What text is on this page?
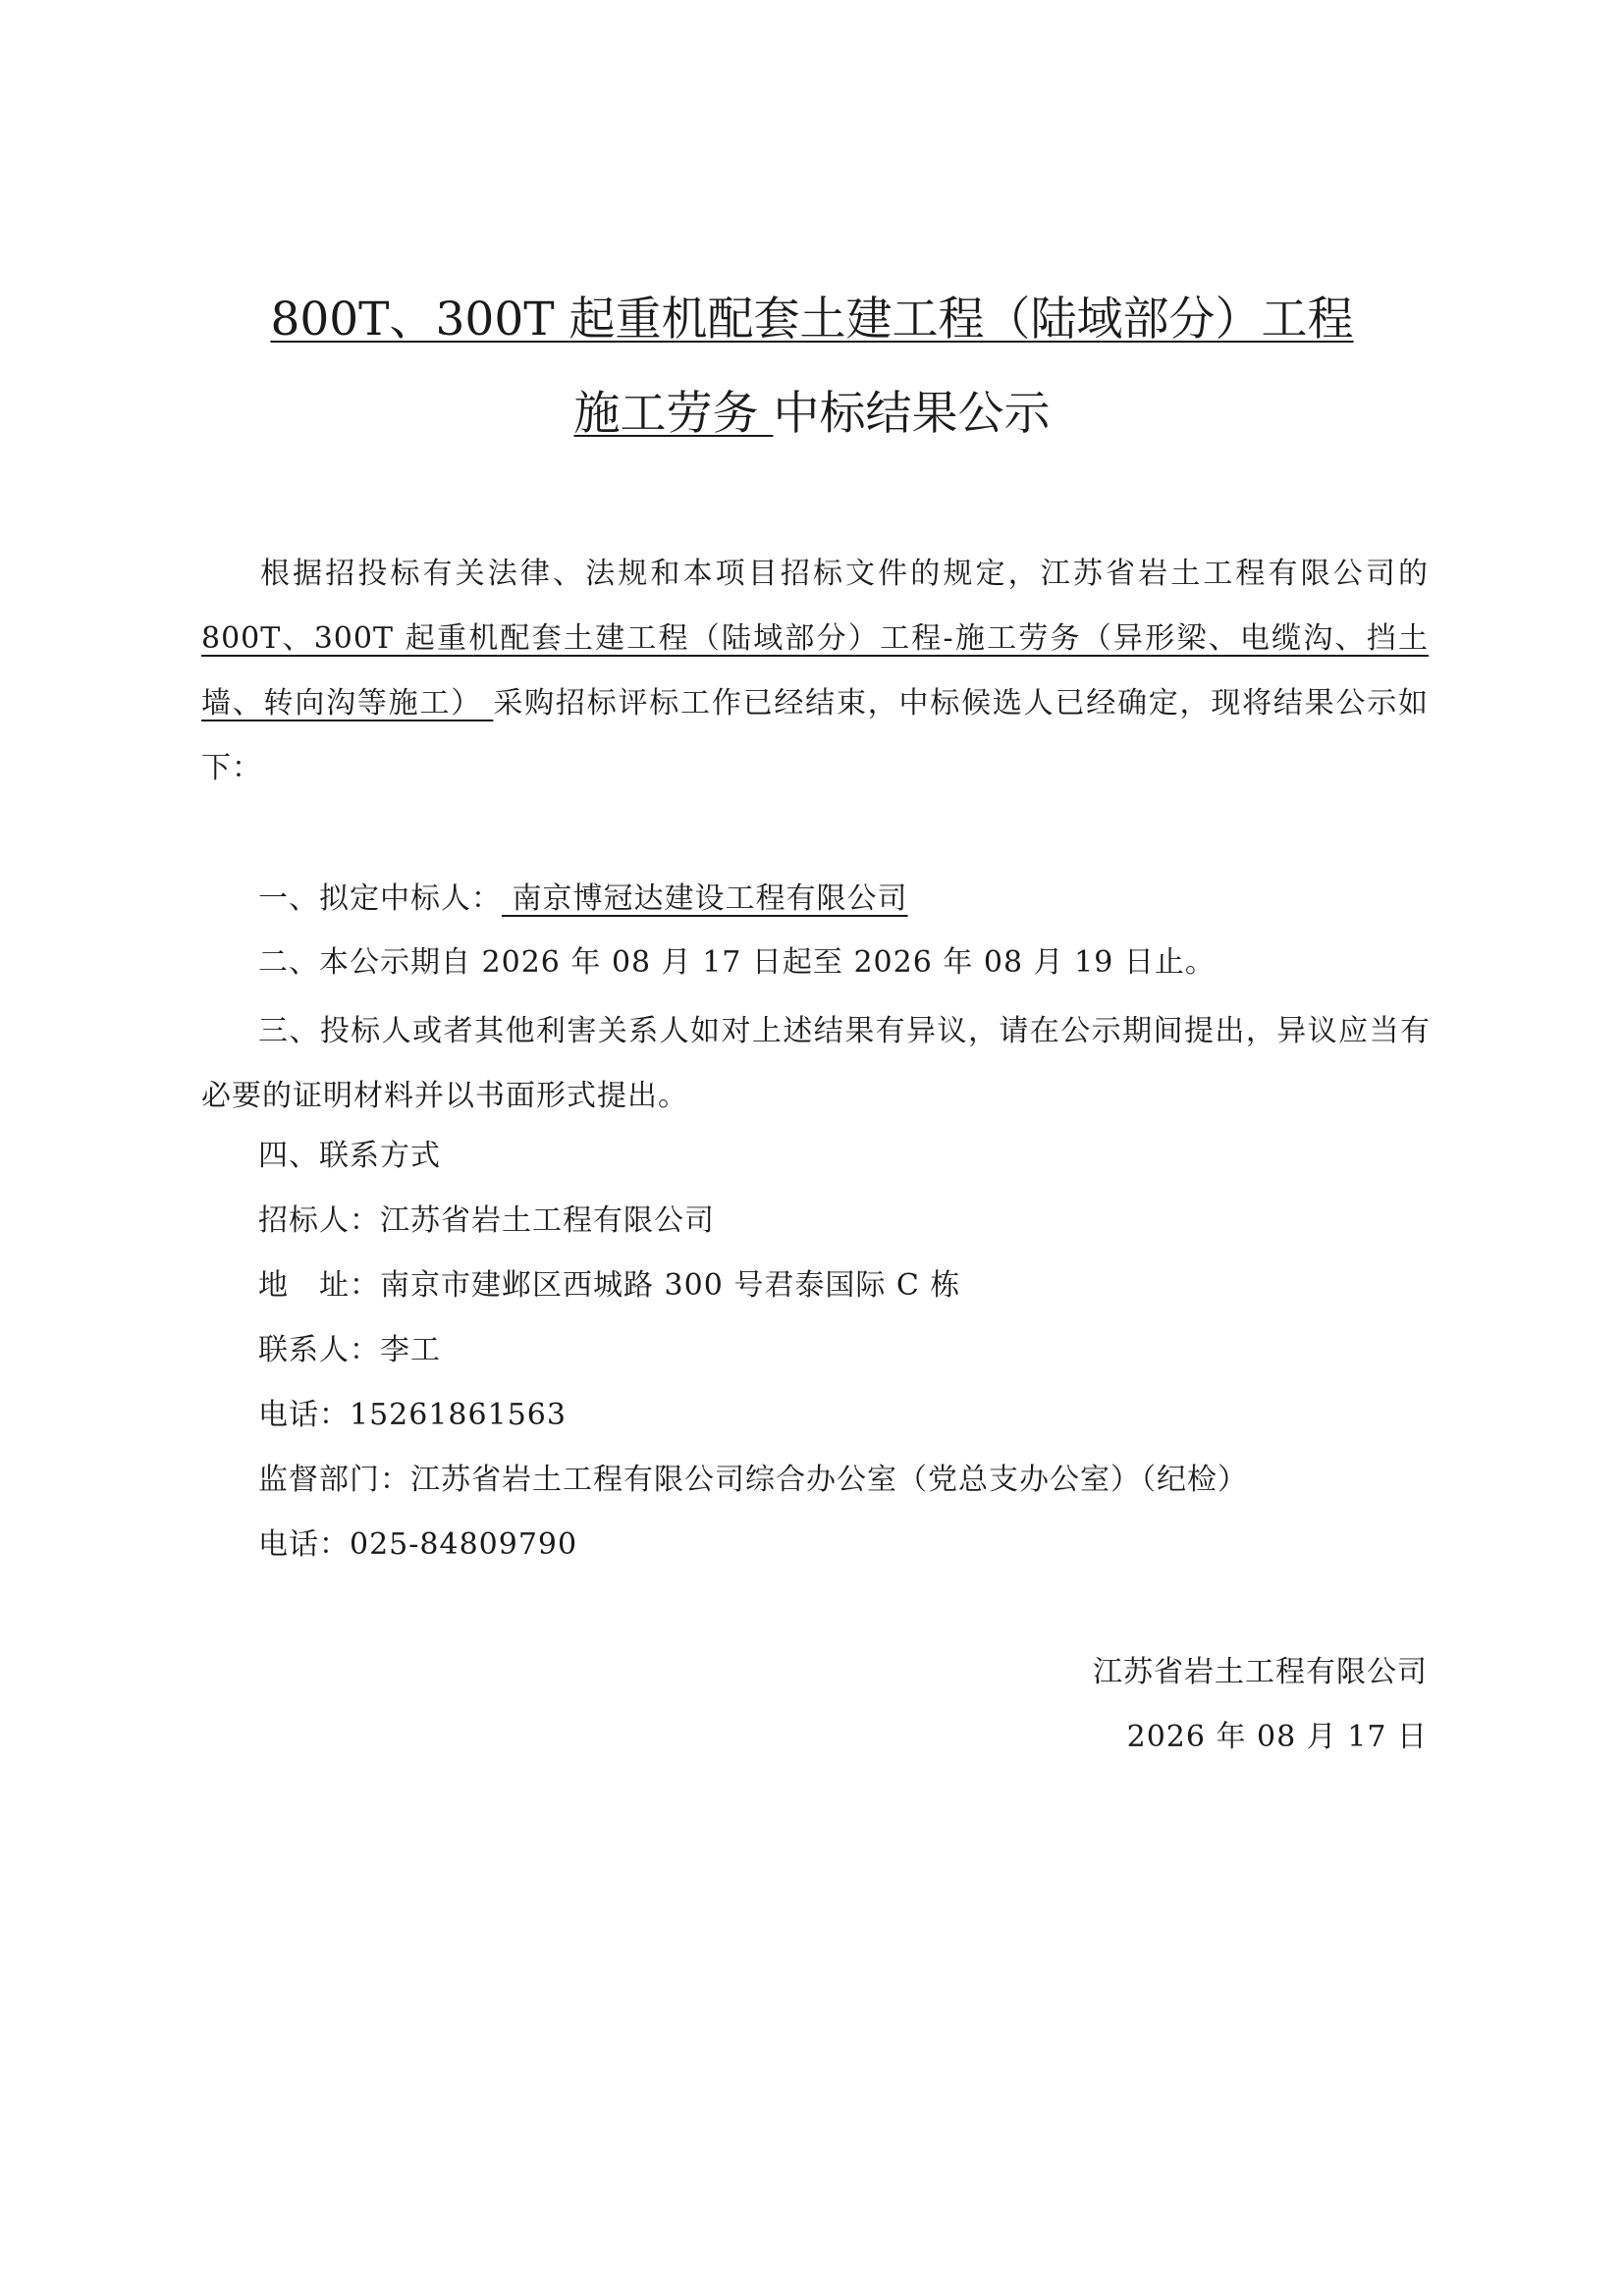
800T、300T 起重机配套土建工程（陆域部分）工程
施工劳务 中标结果公示
根据招投标有关法律、法规和本项目招标文件的规定，江苏省岩土工程有限公司的 800T、300T 起重机配套土建工程（陆域部分）工程-施工劳务（异形梁、电缆沟、挡土墙、转向沟等施工） 采购招标评标工作已经结束，中标候选人已经确定，现将结果公示如下：
一、拟定中标人： 南京博冠达建设工程有限公司
二、本公示期自 2026 年 08 月 17 日起至 2026 年 08 月 19 日止。
三、投标人或者其他利害关系人如对上述结果有异议，请在公示期间提出，异议应当有必要的证明材料并以书面形式提出。
四、联系方式
招标人：江苏省岩土工程有限公司
地　址：南京市建邺区西城路 300 号君泰国际 C 栋
联系人：李工
电话：15261861563
监督部门：江苏省岩土工程有限公司综合办公室（党总支办公室）（纪检）
电话：025-84809790
江苏省岩土工程有限公司
2026 年 08 月 17 日
